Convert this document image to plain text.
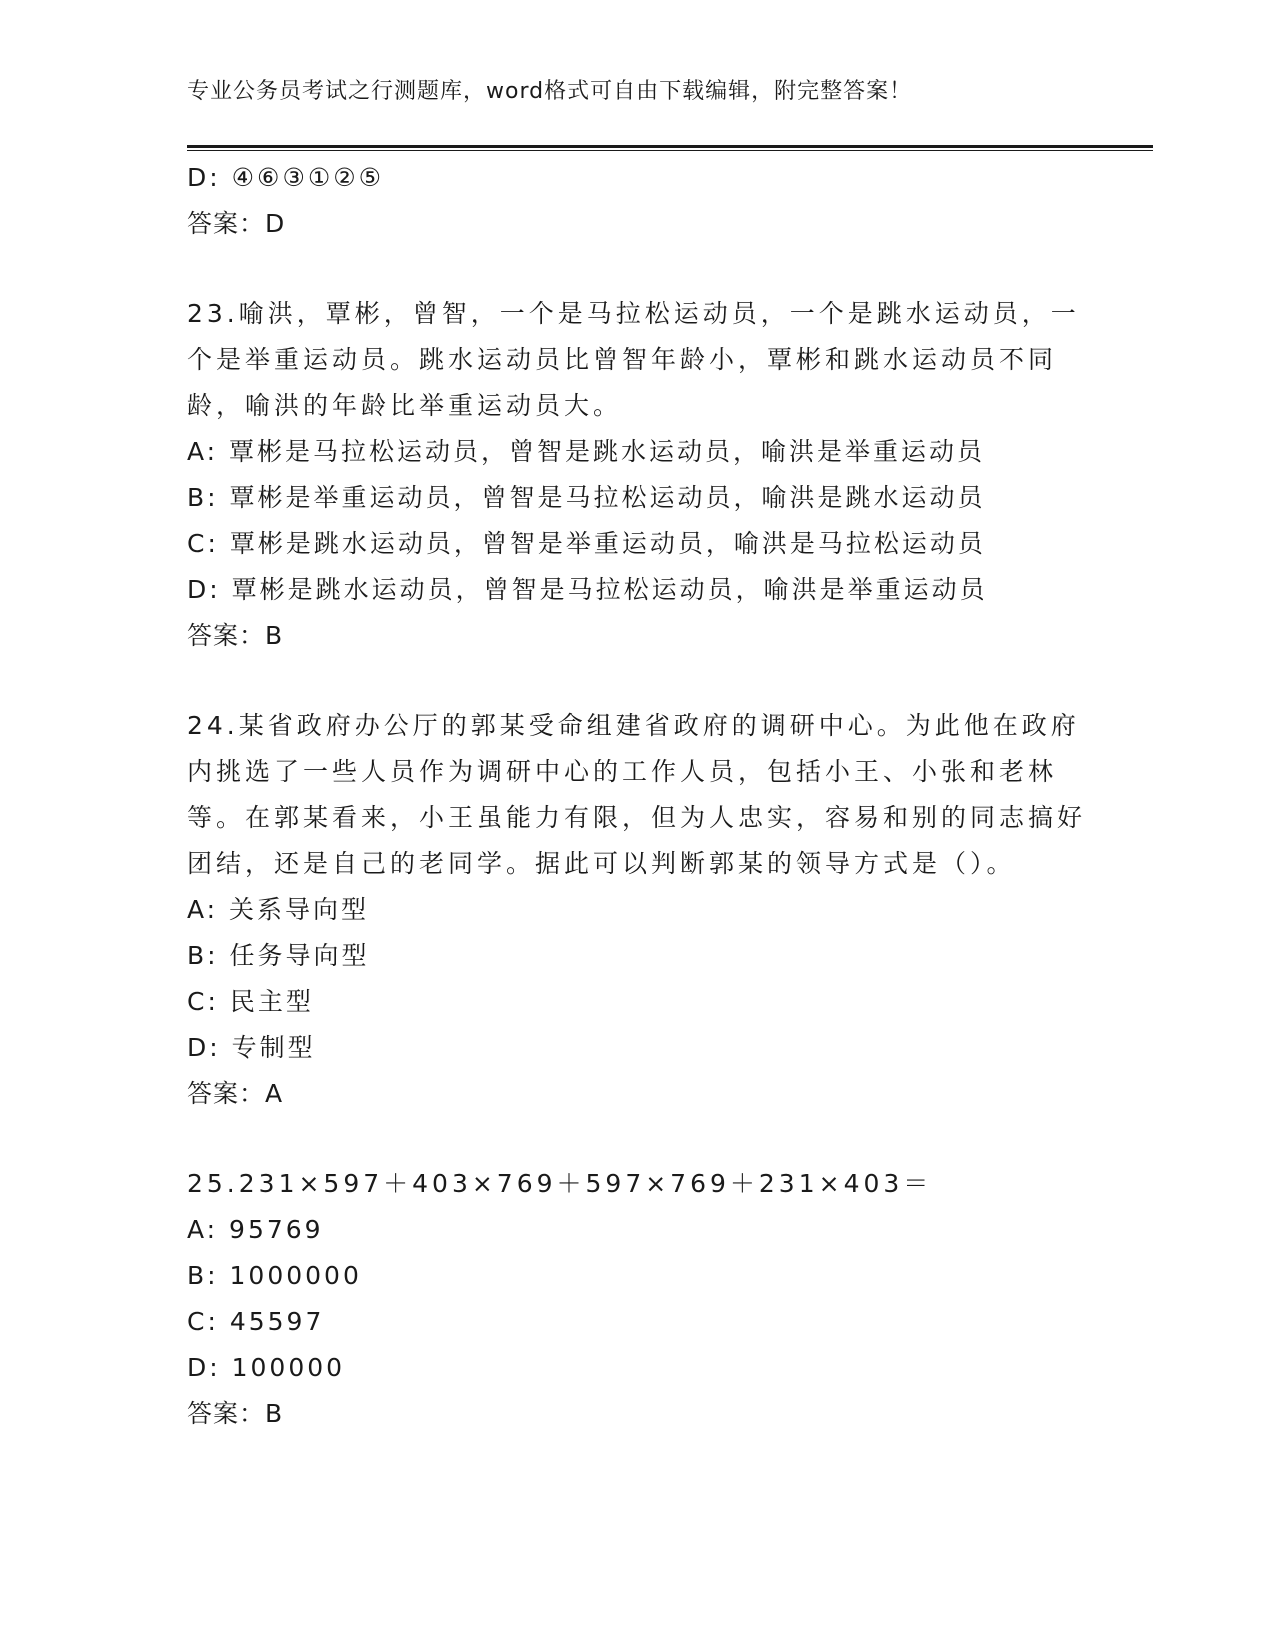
专业公务员考试之行测题库，word格式可自由下载编辑，附完整答案！
D: ④⑥③①②⑤
答案：D
23.喻洪，覃彬，曾智，一个是马拉松运动员，一个是跳水运动员，一个是举重运动员。跳水运动员比曾智年龄小，覃彬和跳水运动员不同龄，喻洪的年龄比举重运动员大。
A: 覃彬是马拉松运动员，曾智是跳水运动员，喻洪是举重运动员
B: 覃彬是举重运动员，曾智是马拉松运动员，喻洪是跳水运动员
C: 覃彬是跳水运动员，曾智是举重运动员，喻洪是马拉松运动员
D: 覃彬是跳水运动员，曾智是马拉松运动员，喻洪是举重运动员
答案：B
24.某省政府办公厅的郭某受命组建省政府的调研中心。为此他在政府内挑选了一些人员作为调研中心的工作人员，包括小王、小张和老林等。在郭某看来，小王虽能力有限，但为人忠实，容易和别的同志搞好团结，还是自己的老同学。据此可以判断郭某的领导方式是（）。
A: 关系导向型
B: 任务导向型
C: 民主型
D: 专制型
答案：A
25.231×597＋403×769＋597×769＋231×403＝
A: 95769
B: 1000000
C: 45597
D: 100000
答案：B
